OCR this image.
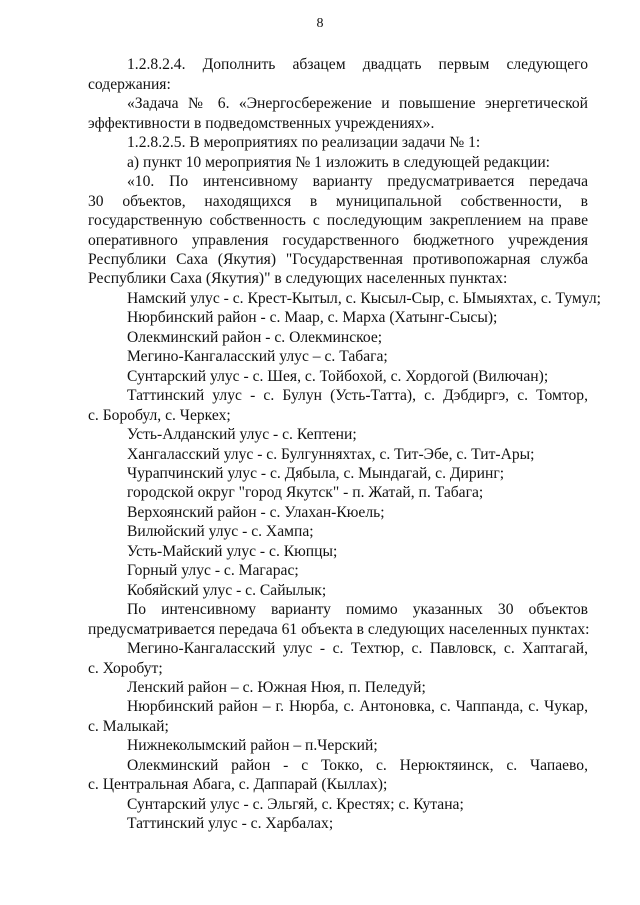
8
1.2.8.2.4. Дополнить абзацем двадцать первым следующего
содержания:
«Задача № 6. «Энергосбережение и повышение энергетической
эффективности в подведомственных учреждениях».
1.2.8.2.5. В мероприятиях по реализации задачи № 1:
а) пункт 10 мероприятия № 1 изложить в следующей редакции:
«10. По интенсивному варианту предусматривается передача
30 объектов, находящихся в муниципальной собственности, в
государственную собственность с последующим закреплением на праве
оперативного управления государственного бюджетного учреждения
Республики Саха (Якутия) "Государственная противопожарная служба
Республики Саха (Якутия)" в следующих населенных пунктах:
Намский улус - с. Крест-Кытыл, с. Кысыл-Сыр, с. Ымыяхтах, с. Тумул;
Нюрбинский район - с. Маар, с. Марха (Хатынг-Сысы);
Олекминский район - с. Олекминское;
Мегино-Кангаласский улус – с. Табага;
Сунтарский улус - с. Шея, с. Тойбохой, с. Хордогой (Вилючан);
Таттинский улус - с. Булун (Усть-Татта), с. Дэбдиргэ, с. Томтор,
с. Боробул, с. Черкех;
Усть-Алданский улус - с. Кептени;
Хангаласский улус - с. Булгунняхтах, с. Тит-Эбе, с. Тит-Ары;
Чурапчинский улус - с. Дябыла, с. Мындагай, с. Диринг;
городской округ "город Якутск" - п. Жатай, п. Табага;
Верхоянский район - с. Улахан-Кюель;
Вилюйский улус - с. Хампа;
Усть-Майский улус - с. Кюпцы;
Горный улус - с. Магарас;
Кобяйский улус - с. Сайылык;
По интенсивному варианту помимо указанных 30 объектов
предусматривается передача 61 объекта в следующих населенных пунктах:
Мегино-Кангаласский улус - с. Техтюр, с. Павловск, с. Хаптагай,
с. Хоробут;
Ленский район – с. Южная Нюя, п. Пеледуй;
Нюрбинский район – г. Нюрба, с. Антоновка, с. Чаппанда, с. Чукар,
с. Малыкай;
Нижнеколымский район – п.Черский;
Олекминский район - с Токко, с. Нерюктяинск, с. Чапаево,
с. Центральная Абага, с. Даппарай (Кыллах);
Сунтарский улус - с. Эльгяй, с. Крестях; с. Кутана;
Таттинский улус - с. Харбалах;
